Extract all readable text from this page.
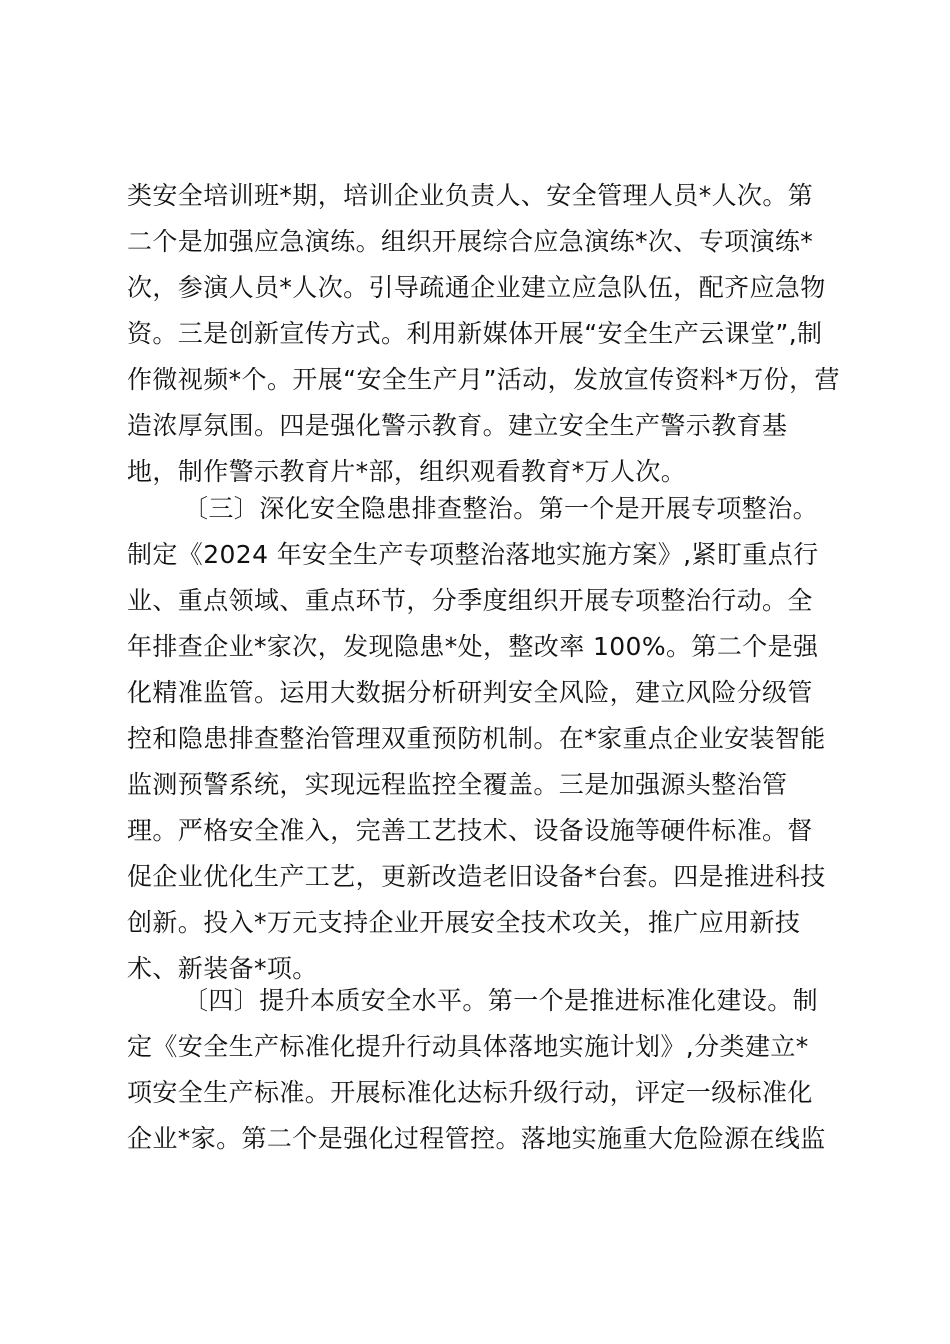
类安全培训班*期，培训企业负责人、安全管理人员*人次。第
二个是加强应急演练。组织开展综合应急演练*次、专项演练*
次，参演人员*人次。引导疏通企业建立应急队伍，配齐应急物
资。三是创新宣传方式。利用新媒体开展“安全生产云课堂”,制
作微视频*个。开展“安全生产月”活动，发放宣传资料*万份，营
造浓厚氛围。四是强化警示教育。建立安全生产警示教育基
地，制作警示教育片*部，组织观看教育*万人次。
〔三〕深化安全隐患排查整治。第一个是开展专项整治。
制定《2024 年安全生产专项整治落地实施方案》,紧盯重点行
业、重点领域、重点环节，分季度组织开展专项整治行动。全
年排查企业*家次，发现隐患*处，整改率 100%。第二个是强
化精准监管。运用大数据分析研判安全风险，建立风险分级管
控和隐患排查整治管理双重预防机制。在*家重点企业安装智能
监测预警系统，实现远程监控全覆盖。三是加强源头整治管
理。严格安全准入，完善工艺技术、设备设施等硬件标准。督
促企业优化生产工艺，更新改造老旧设备*台套。四是推进科技
创新。投入*万元支持企业开展安全技术攻关，推广应用新技
术、新装备*项。
〔四〕提升本质安全水平。第一个是推进标准化建设。制
定《安全生产标准化提升行动具体落地实施计划》,分类建立*
项安全生产标准。开展标准化达标升级行动，评定一级标准化
企业*家。第二个是强化过程管控。落地实施重大危险源在线监
